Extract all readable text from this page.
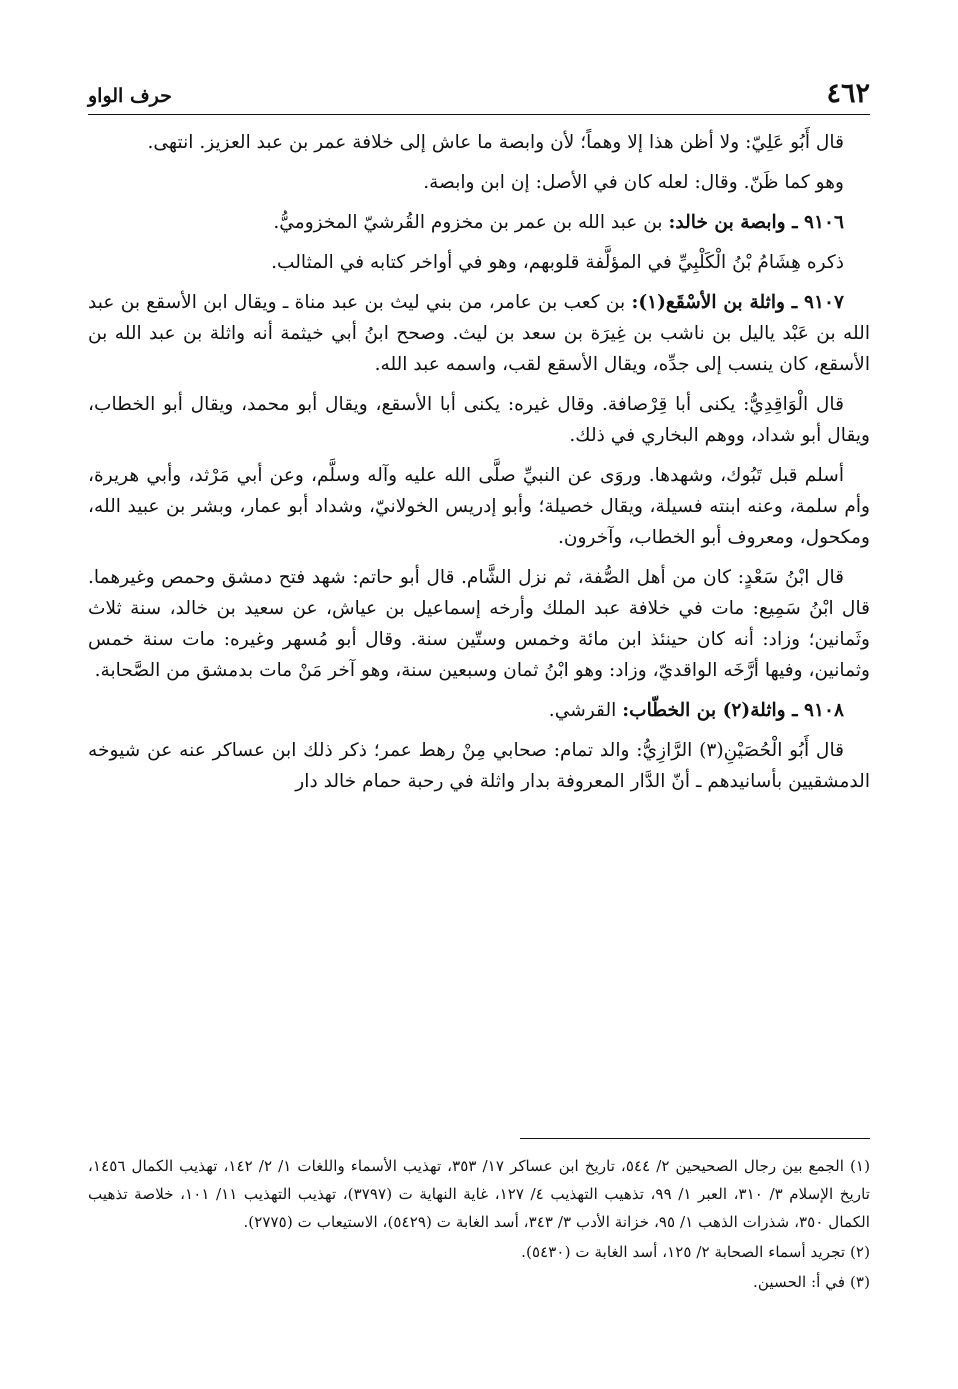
٤٦٢
حرف الواو

قال أَبُو عَلِيّ: ولا أظن هذا إلا وهماً؛ لأن وابصة ما عاش إلى خلافة عمر بن عبد العزيز. انتهى.

وهو كما ظَنّ. وقال: لعله كان في الأصل: إن ابن وابصة.

٩١٠٦ ـ وابصة بن خالد: بن عبد الله بن عمر بن مخزوم القُرشيّ المخزوميُّ.

ذكره هِشَامُ بْنُ الْكَلْبِيِّ في المؤلَّفة قلوبهم، وهو في أواخر كتابه في المثالب.

٩١٠٧ ـ واثلة بن الأسْقَع(١): بن كعب بن عامر، من بني ليث بن عبد مناة ـ ويقال ابن الأسقع بن عبد الله بن عَبْد ياليل بن ناشب بن غِيرَة بن سعد بن ليث. وصحح ابنُ أبي خيثمة أنه واثلة بن عبد الله بن الأسقع، كان ينسب إلى جدِّه، ويقال الأسقع لقب، واسمه عبد الله.

قال الْوَاقِدِيُّ: يكنى أبا قِرْصافة. وقال غيره: يكنى أبا الأسقع، ويقال أبو محمد، ويقال أبو الخطاب، ويقال أبو شداد، ووهم البخاري في ذلك.

أسلم قبل تَبُوك، وشهدها. وروَى عن النبيِّ صلَّى الله عليه وآله وسلَّم، وعن أبي مَرْثد، وأبي هريرة، وأم سلمة، وعنه ابنته فسيلة، ويقال خصيلة؛ وأبو إدريس الخولانيّ، وشداد أبو عمار، وبشر بن عبيد الله، ومكحول، ومعروف أبو الخطاب، وآخرون.

قال ابْنُ سَعْدٍ: كان من أهل الصُّفة، ثم نزل الشَّام. قال أبو حاتم: شهد فتح دمشق وحمص وغيرهما. قال ابْنُ سَمِيع: مات في خلافة عبد الملك وأرخه إسماعيل بن عياش، عن سعيد بن خالد، سنة ثلاث وثَمانين؛ وزاد: أنه كان حينئذ ابن مائة وخمس وستّين سنة. وقال أبو مُسهر وغيره: مات سنة خمس وثمانين، وفيها أرَّخَه الواقديّ، وزاد: وهو ابْنُ ثمان وسبعين سنة، وهو آخر مَنْ مات بدمشق من الصَّحابة.

٩١٠٨ ـ واثلة(٢) بن الخطّاب: القرشي.

قال أَبُو الْحُصَيْنِ(٣) الرَّازِيُّ: والد تمام: صحابي مِنْ رهط عمر؛ ذكر ذلك ابن عساكر عنه عن شيوخه الدمشقيين بأسانيدهم ـ أنّ الدَّار المعروفة بدار واثلة في رحبة حمام خالد دار

(١) الجمع بين رجال الصحيحين ٢/ ٥٤٤، تاريخ ابن عساكر ١٧/ ٣٥٣، تهذيب الأسماء واللغات ١/ ٢/ ١٤٢، تهذيب الكمال ١٤٥٦، تاريخ الإسلام ٣/ ٣١٠، العبر ١/ ٩٩، تذهيب التهذيب ٤/ ١٢٧، غاية النهاية ت (٣٧٩٧)، تهذيب التهذيب ١١/ ١٠١، خلاصة تذهيب الكمال ٣٥٠، شذرات الذهب ١/ ٩٥، خزانة الأدب ٣/ ٣٤٣، أسد الغابة ت (٥٤٢٩)، الاستيعاب ت (٢٧٧٥).

(٢) تجريد أسماء الصحابة ٢/ ١٢٥، أسد الغابة ت (٥٤٣٠).

(٣) في أ: الحسين.
